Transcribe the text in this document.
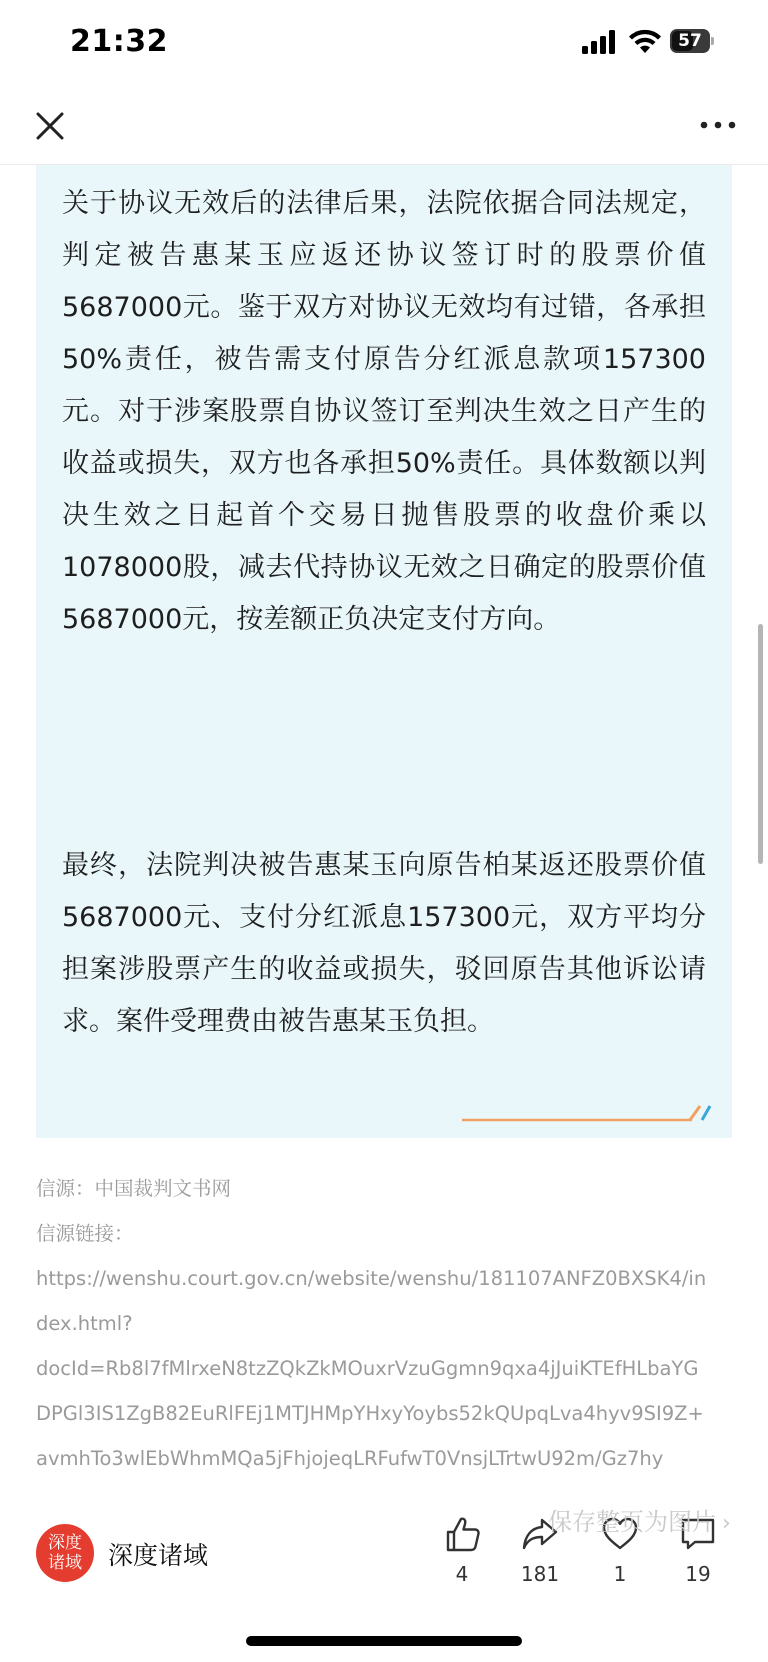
21:32	57

关于协议无效后的法律后果，法院依据合同法规定，判定被告惠某玉应返还协议签订时的股票价值5687000元。鉴于双方对协议无效均有过错，各承担50%责任，被告需支付原告分红派息款项157300元。对于涉案股票自协议签订至判决生效之日产生的收益或损失，双方也各承担50%责任。具体数额以判决生效之日起首个交易日抛售股票的收盘价乘以1078000股，减去代持协议无效之日确定的股票价值5687000元，按差额正负决定支付方向。

最终，法院判决被告惠某玉向原告柏某返还股票价值5687000元、支付分红派息157300元，双方平均分担案涉股票产生的收益或损失，驳回原告其他诉讼请求。案件受理费由被告惠某玉负担。

信源：中国裁判文书网
信源链接：
https://wenshu.court.gov.cn/website/wenshu/181107ANFZ0BXSK4/in
dex.html?
docId=Rb8l7fMlrxeN8tzZQkZkMOuxrVzuGgmn9qxa4jJuiKTEfHLbaYG
DPGl3IS1ZgB82EuRlFEj1MTJHMpYHxyYoybs52kQUpqLva4hyv9SI9Z+
avmhTo3wlEbWhmMQa5jFhjojeqLRFufwT0VnsjLTrtwU92m/Gz7hy
深度诸域 深度诸域
4	181	1	19
保存整页为图片 ›
